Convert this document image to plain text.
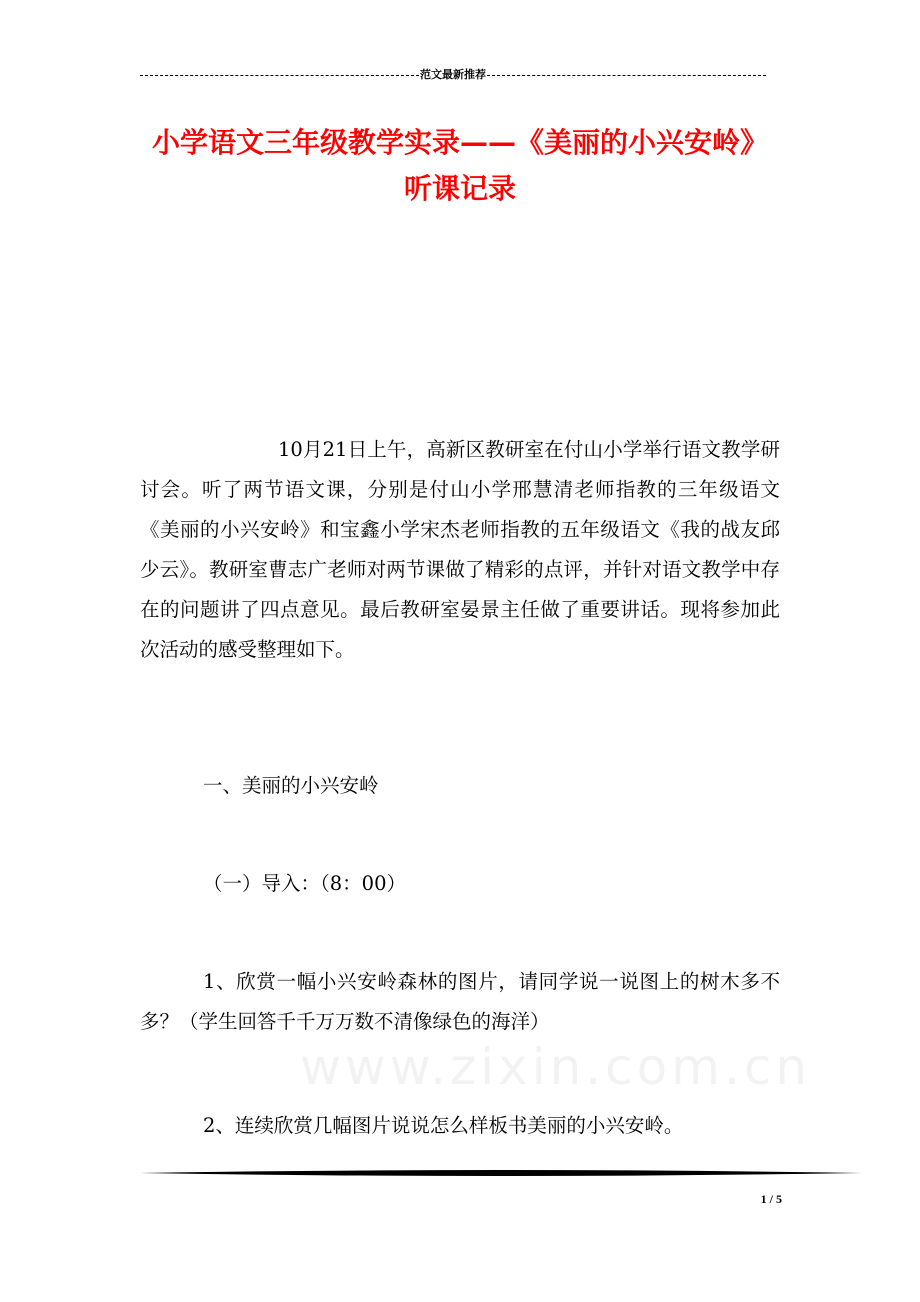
范文最新推荐
小学语文三年级教学实录——《美丽的小兴安岭》听课记录

10月21日上午，高新区教研室在付山小学举行语文教学研讨会。听了两节语文课，分别是付山小学邢慧清老师指教的三年级语文《美丽的小兴安岭》和宝鑫小学宋杰老师指教的五年级语文《我的战友邱少云》。教研室曹志广老师对两节课做了精彩的点评，并针对语文教学中存在的问题讲了四点意见。最后教研室晏景主任做了重要讲话。现将参加此次活动的感受整理如下。

一、美丽的小兴安岭

（一）导入：（8：00）

1、欣赏一幅小兴安岭森林的图片，请同学说一说图上的树木多不多？（学生回答千千万万数不清像绿色的海洋）

2、连续欣赏几幅图片说说怎么样板书美丽的小兴安岭。

www.zixin.com.cn
1 / 5
